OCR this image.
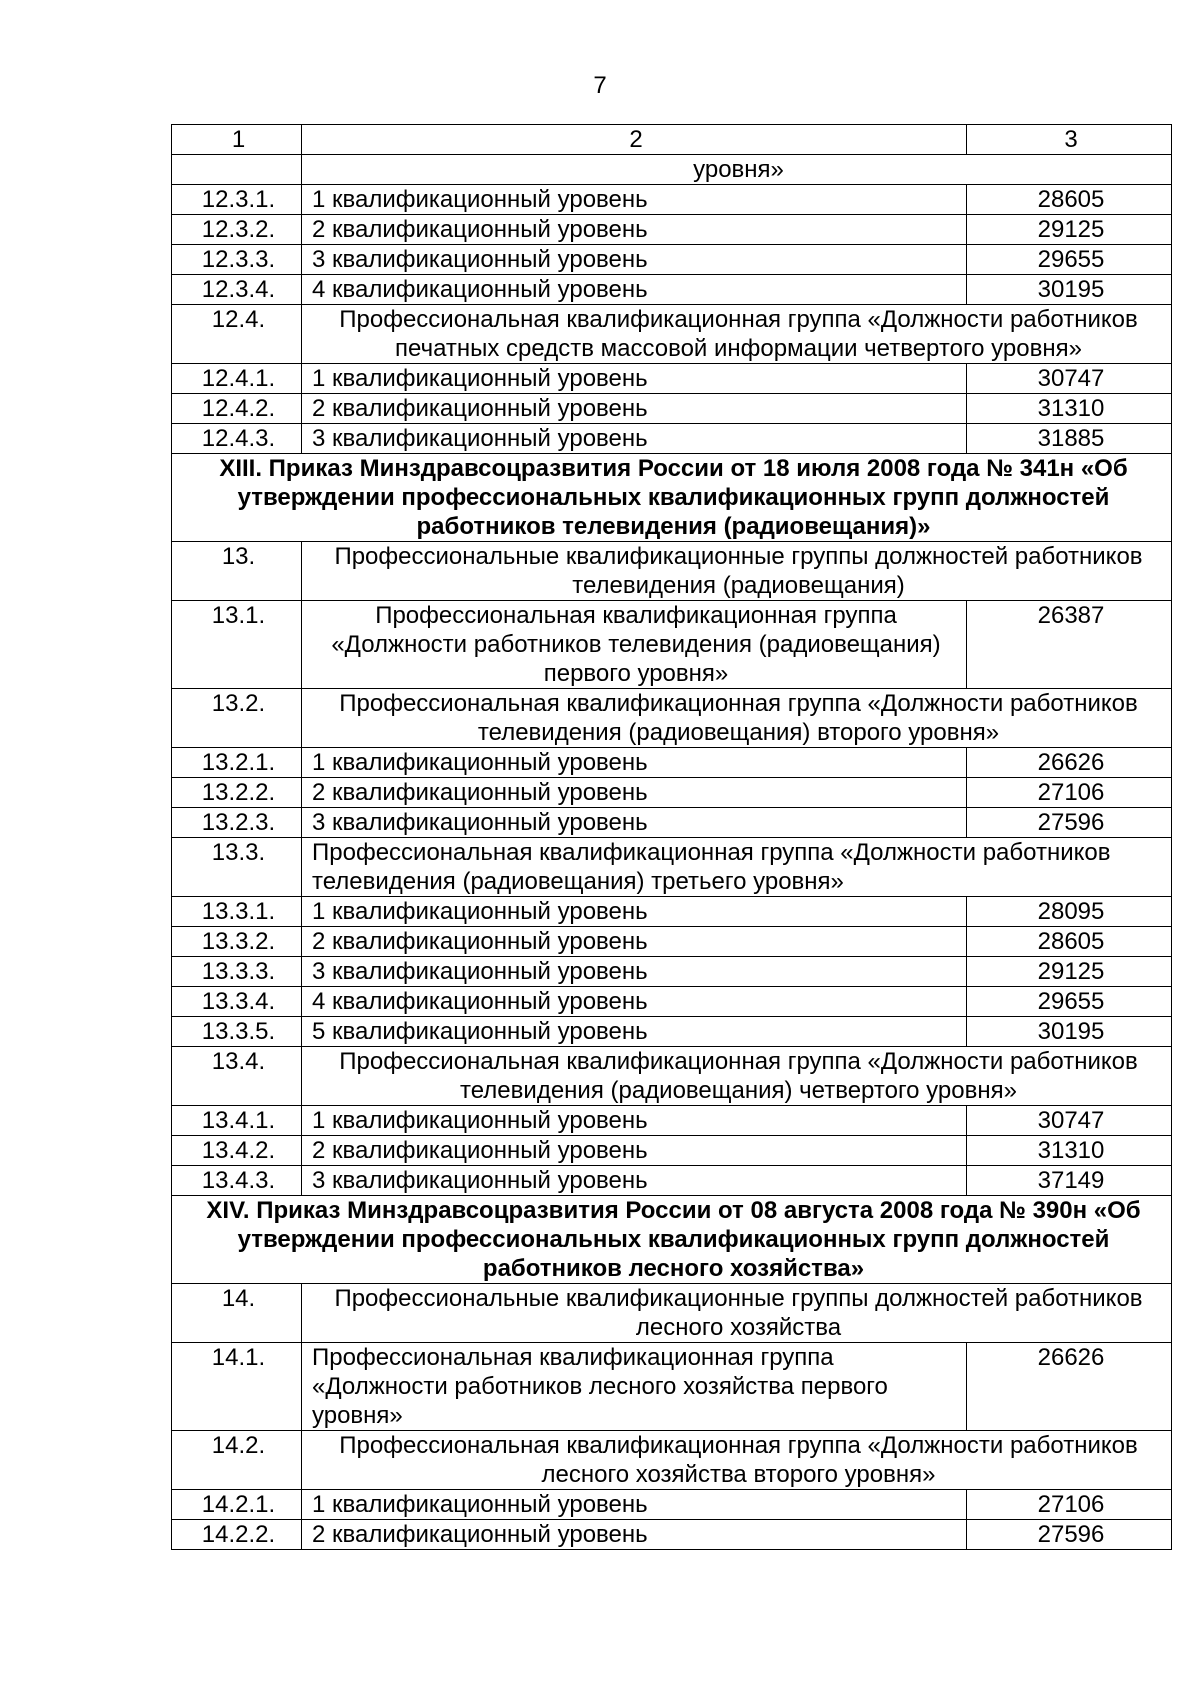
7
1	2	3
	уровня»	
12.3.1.	1 квалификационный уровень	28605
12.3.2.	2 квалификационный уровень	29125
12.3.3.	3 квалификационный уровень	29655
12.3.4.	4 квалификационный уровень	30195
12.4.	Профессиональная квалификационная группа «Должности работников печатных средств массовой информации четвертого уровня»	
12.4.1.	1 квалификационный уровень	30747
12.4.2.	2 квалификационный уровень	31310
12.4.3.	3 квалификационный уровень	31885
XIII. Приказ Минздравсоцразвития России от 18 июля 2008 года № 341н «Об утверждении профессиональных квалификационных групп должностей работников телевидения (радиовещания)»		
13.	Профессиональные квалификационные группы должностей работников телевидения (радиовещания)	
13.1.	Профессиональная квалификационная группа «Должности работников телевидения (радиовещания) первого уровня»	26387
13.2.	Профессиональная квалификационная группа «Должности работников телевидения (радиовещания) второго уровня»	
13.2.1.	1 квалификационный уровень	26626
13.2.2.	2 квалификационный уровень	27106
13.2.3.	3 квалификационный уровень	27596
13.3.	Профессиональная квалификационная группа «Должности работников телевидения (радиовещания) третьего уровня»	
13.3.1.	1 квалификационный уровень	28095
13.3.2.	2 квалификационный уровень	28605
13.3.3.	3 квалификационный уровень	29125
13.3.4.	4 квалификационный уровень	29655
13.3.5.	5 квалификационный уровень	30195
13.4.	Профессиональная квалификационная группа «Должности работников телевидения (радиовещания) четвертого уровня»	
13.4.1.	1 квалификационный уровень	30747
13.4.2.	2 квалификационный уровень	31310
13.4.3.	3 квалификационный уровень	37149
XIV. Приказ Минздравсоцразвития России от 08 августа 2008 года № 390н «Об утверждении профессиональных квалификационных групп должностей работников лесного хозяйства»		
14.	Профессиональные квалификационные группы должностей работников лесного хозяйства	
14.1.	Профессиональная квалификационная группа «Должности работников лесного хозяйства первого уровня»	26626
14.2.	Профессиональная квалификационная группа «Должности работников лесного хозяйства второго уровня»	
14.2.1.	1 квалификационный уровень	27106
14.2.2.	2 квалификационный уровень	27596
